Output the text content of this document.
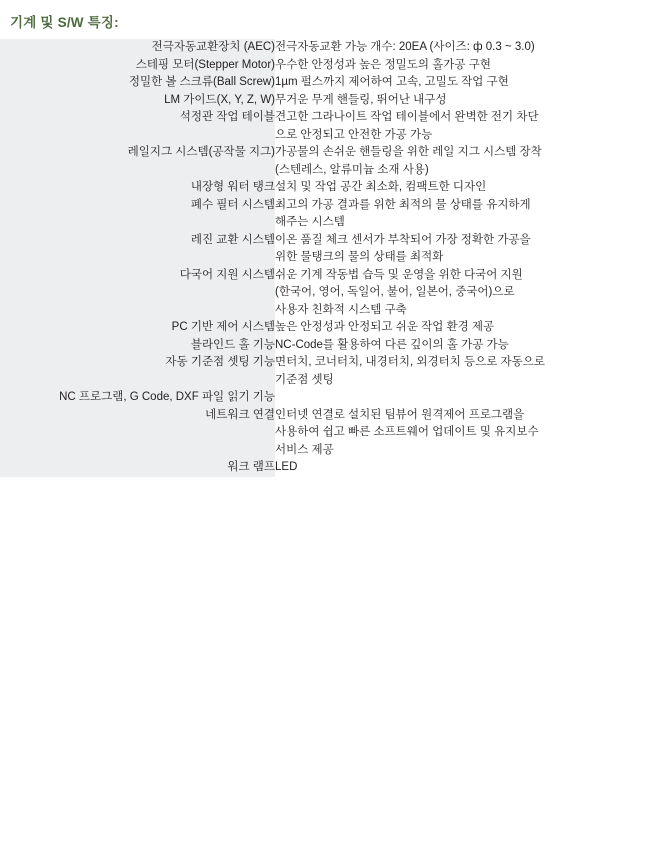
기계 및 S/W 특징:
전극자동교환장치 (AEC)	전극자동교환 가능 개수: 20EA (사이즈: ф 0.3 ~ 3.0)

스테핑 모터(Stepper Motor)	우수한 안정성과 높은 정밀도의 홀가공 구현

정밀한 볼 스크류(Ball Screw)	1µm 펄스까지 제어하여 고속, 고밀도 작업 구현

LM 가이드(X, Y, Z, W)	무거운 무게 핸들링, 뛰어난 내구성

석정관 작업 테이블	견고한 그라나이트 작업 테이블에서 완벽한 전기 차단
으로 안정되고 안전한 가공 가능

레일지그 시스템(공작물 지그)	가공물의 손쉬운 핸들링을 위한 레일 지그 시스템 장착
(스텐레스, 알류미늄 소재 사용)

내장형 워터 탱크	설치 및 작업 공간 최소화, 컴팩트한 디자인

폐수 필터 시스템	최고의 가공 결과를 위한 최적의 물 상태를 유지하게
해주는 시스템

레진 교환 시스템	이온 품질 체크 센서가 부착되어 가장 정확한 가공을
위한 물탱크의 물의 상태를 최적화

다국어 지원 시스템	쉬운 기계 작동법 습득 및 운영을 위한 다국어 지원
(한국어, 영어, 독일어, 불어, 일본어, 중국어)으로
사용자 친화적 시스템 구축

PC 기반 제어 시스템	높은 안정성과 안정되고 쉬운 작업 환경 제공

블라인드 홀 기능	NC-Code를 활용하여 다른 깊이의 홀 가공 가능

자동 기준점 셋팅 기능	면터치, 코너터치, 내경터치, 외경터치 등으로 자동으로
기준점 셋팅

NC 프로그램, G Code, DXF 파일 읽기 기능	

네트워크 연결	인터넷 연결로 설치된 팀뷰어 원격제어 프로그램을
사용하여 쉽고 빠른 소프트웨어 업데이트 및 유지보수
서비스 제공

워크 램프	LED
